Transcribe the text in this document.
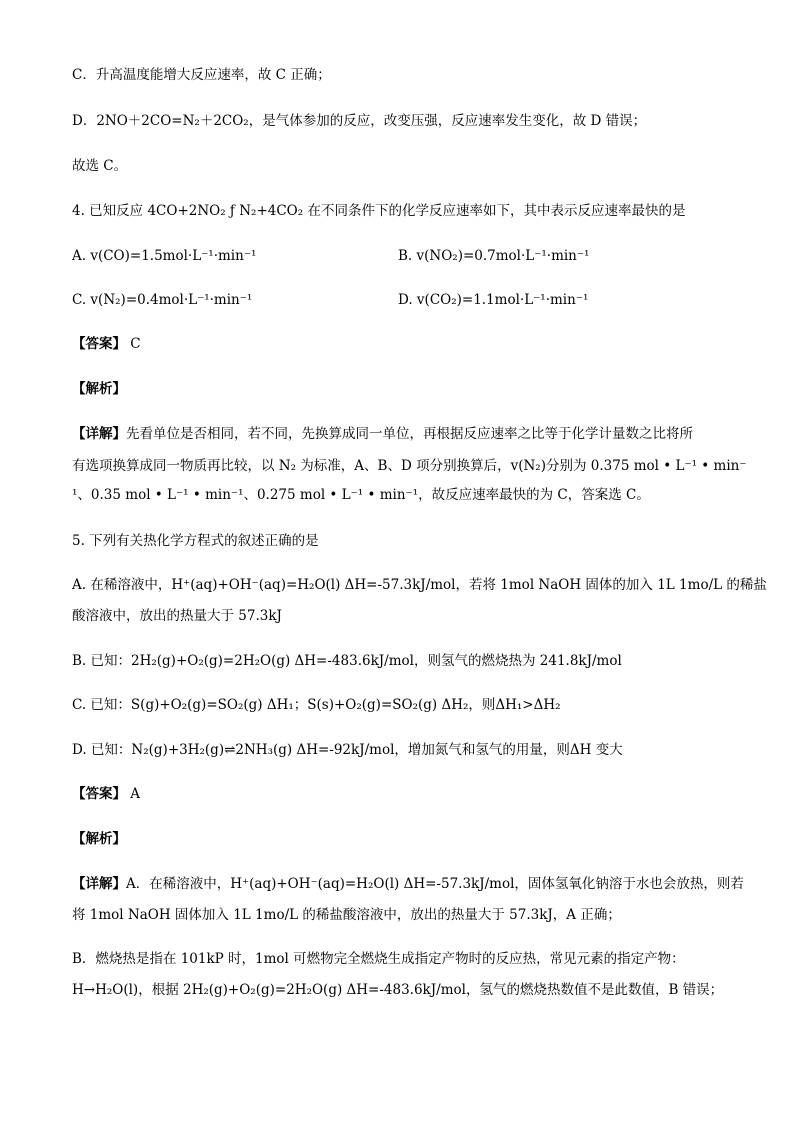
C．升高温度能增大反应速率，故 C 正确；
D．2NO＋2CO=N₂＋2CO₂，是气体参加的反应，改变压强，反应速率发生变化，故 D 错误；
故选 C。
4. 已知反应 4CO+2NO₂ ƒ N₂+4CO₂ 在不同条件下的化学反应速率如下，其中表示反应速率最快的是
A. v(CO)=1.5mol·L⁻¹·min⁻¹	B. v(NO₂)=0.7mol·L⁻¹·min⁻¹
C. v(N₂)=0.4mol·L⁻¹·min⁻¹	D. v(CO₂)=1.1mol·L⁻¹·min⁻¹
【答案】 C
【解析】
【详解】先看单位是否相同，若不同，先换算成同一单位，再根据反应速率之比等于化学计量数之比将所
有选项换算成同一物质再比较，以 N₂ 为标准，A、B、D 项分别换算后，v(N₂)分别为 0.375 mol • L⁻¹ • min⁻
¹、0.35 mol • L⁻¹ • min⁻¹、0.275 mol • L⁻¹ • min⁻¹，故反应速率最快的为 C，答案选 C。
5. 下列有关热化学方程式的叙述正确的是
A. 在稀溶液中，H⁺(aq)+OH⁻(aq)=H₂O(l) ΔH=-57.3kJ/mol，若将 1mol NaOH 固体的加入 1L 1mo/L 的稀盐
酸溶液中，放出的热量大于 57.3kJ
B. 已知：2H₂(g)+O₂(g)=2H₂O(g) ΔH=-483.6kJ/mol，则氢气的燃烧热为 241.8kJ/mol
C. 已知：S(g)+O₂(g)=SO₂(g) ΔH₁；S(s)+O₂(g)=SO₂(g) ΔH₂，则ΔH₁>ΔH₂
D. 已知：N₂(g)+3H₂(g)⇌2NH₃(g) ΔH=-92kJ/mol，增加氮气和氢气的用量，则ΔH 变大
【答案】 A
【解析】
【详解】A．在稀溶液中，H⁺(aq)+OH⁻(aq)=H₂O(l) ΔH=-57.3kJ/mol，固体氢氧化钠溶于水也会放热，则若
将 1mol NaOH 固体加入 1L 1mo/L 的稀盐酸溶液中，放出的热量大于 57.3kJ，A 正确；
B．燃烧热是指在 101kP 时，1mol 可燃物完全燃烧生成指定产物时的反应热，常见元素的指定产物：
H→H₂O(l)，根据 2H₂(g)+O₂(g)=2H₂O(g) ΔH=-483.6kJ/mol，氢气的燃烧热数值不是此数值，B 错误；
